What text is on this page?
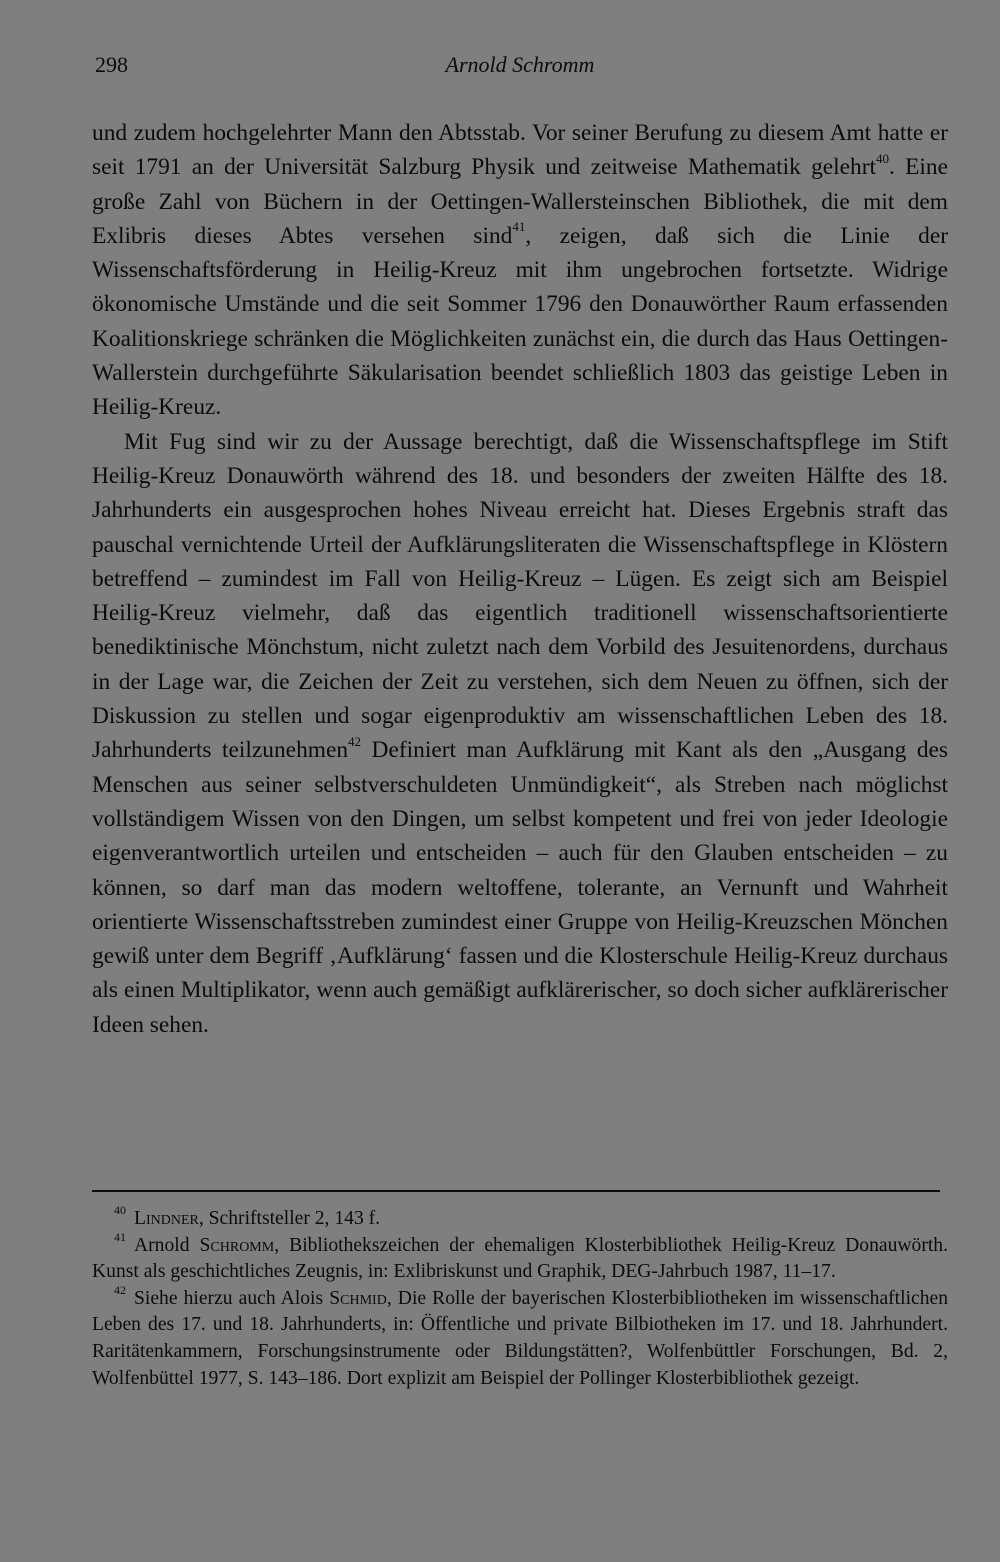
298	Arnold Schromm

und zudem hochgelehrter Mann den Abtsstab. Vor seiner Berufung zu diesem Amt hatte er seit 1791 an der Universität Salzburg Physik und zeitweise Mathematik gelehrt$^{40}$. Eine große Zahl von Büchern in der Oettingen-Wallersteinschen Bibliothek, die mit dem Exlibris dieses Abtes versehen sind$^{41}$, zeigen, daß sich die Linie der Wissenschaftsförderung in Heilig-Kreuz mit ihm ungebrochen fortsetzte. Widrige ökonomische Umstände und die seit Sommer 1796 den Donauwörther Raum erfassenden Koalitionskriege schränken die Möglichkeiten zunächst ein, die durch das Haus Oettingen-Wallerstein durchgeführte Säkularisation beendet schließlich 1803 das geistige Leben in Heilig-Kreuz.

Mit Fug sind wir zu der Aussage berechtigt, daß die Wissenschaftspflege im Stift Heilig-Kreuz Donauwörth während des 18. und besonders der zweiten Hälfte des 18. Jahrhunderts ein ausgesprochen hohes Niveau erreicht hat. Dieses Ergebnis straft das pauschal vernichtende Urteil der Aufklärungsliteraten die Wissenschaftspflege in Klöstern betreffend – zumindest im Fall von Heilig-Kreuz – Lügen. Es zeigt sich am Beispiel Heilig-Kreuz vielmehr, daß das eigentlich traditionell wissenschaftsorientierte benediktinische Mönchstum, nicht zuletzt nach dem Vorbild des Jesuitenordens, durchaus in der Lage war, die Zeichen der Zeit zu verstehen, sich dem Neuen zu öffnen, sich der Diskussion zu stellen und sogar eigenproduktiv am wissenschaftlichen Leben des 18. Jahrhunderts teilzunehmen$^{42}$ Definiert man Aufklärung mit Kant als den „Ausgang des Menschen aus seiner selbstverschuldeten Unmündigkeit“, als Streben nach möglichst vollständigem Wissen von den Dingen, um selbst kompetent und frei von jeder Ideologie eigenverantwortlich urteilen und entscheiden – auch für den Glauben entscheiden – zu können, so darf man das modern weltoffene, tolerante, an Vernunft und Wahrheit orientierte Wissenschaftsstreben zumindest einer Gruppe von Heilig-Kreuzschen Mönchen gewiß unter dem Begriff ‚Aufklärung‘ fassen und die Klosterschule Heilig-Kreuz durchaus als einen Multiplikator, wenn auch gemäßigt aufklärerischer, so doch sicher aufklärerischer Ideen sehen.

$^{40}$ Lindner, Schriftsteller 2, 143 f.

$^{41}$ Arnold Schromm, Bibliothekszeichen der ehemaligen Klosterbibliothek Heilig-Kreuz Donauwörth. Kunst als geschichtliches Zeugnis, in: Exlibriskunst und Graphik, DEG-Jahrbuch 1987, 11–17.

$^{42}$ Siehe hierzu auch Alois Schmid, Die Rolle der bayerischen Klosterbibliotheken im wissenschaftlichen Leben des 17. und 18. Jahrhunderts, in: Öffentliche und private Bilbiotheken im 17. und 18. Jahrhundert. Raritätenkammern, Forschungsinstrumente oder Bildungstätten?, Wolfenbüttler Forschungen, Bd. 2, Wolfenbüttel 1977, S. 143–186. Dort explizit am Beispiel der Pollinger Klosterbibliothek gezeigt.
